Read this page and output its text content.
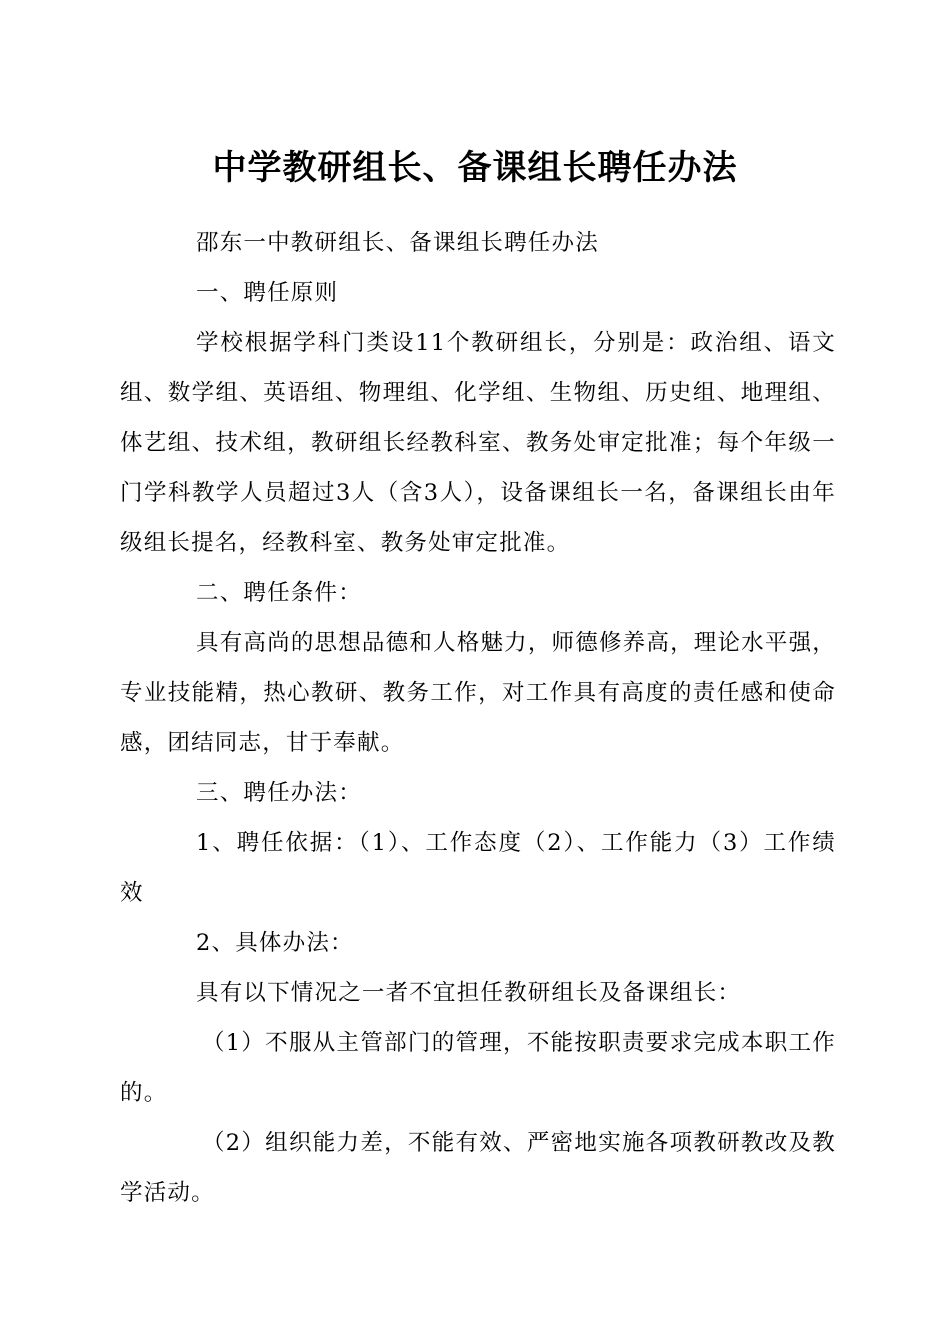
中学教研组长、备课组长聘任办法

邵东一中教研组长、备课组长聘任办法

一、聘任原则

学校根据学科门类设11个教研组长，分别是：政治组、语文组、数学组、英语组、物理组、化学组、生物组、历史组、地理组、体艺组、技术组，教研组长经教科室、教务处审定批准；每个年级一门学科教学人员超过3人（含3人），设备课组长一名，备课组长由年级组长提名，经教科室、教务处审定批准。

二、聘任条件：

具有高尚的思想品德和人格魅力，师德修养高，理论水平强，专业技能精，热心教研、教务工作，对工作具有高度的责任感和使命感，团结同志，甘于奉献。

三、聘任办法：

1、聘任依据：（1）、工作态度（2）、工作能力（3）工作绩效

2、具体办法：

具有以下情况之一者不宜担任教研组长及备课组长：

（1）不服从主管部门的管理，不能按职责要求完成本职工作的。

（2）组织能力差，不能有效、严密地实施各项教研教改及教学活动。
